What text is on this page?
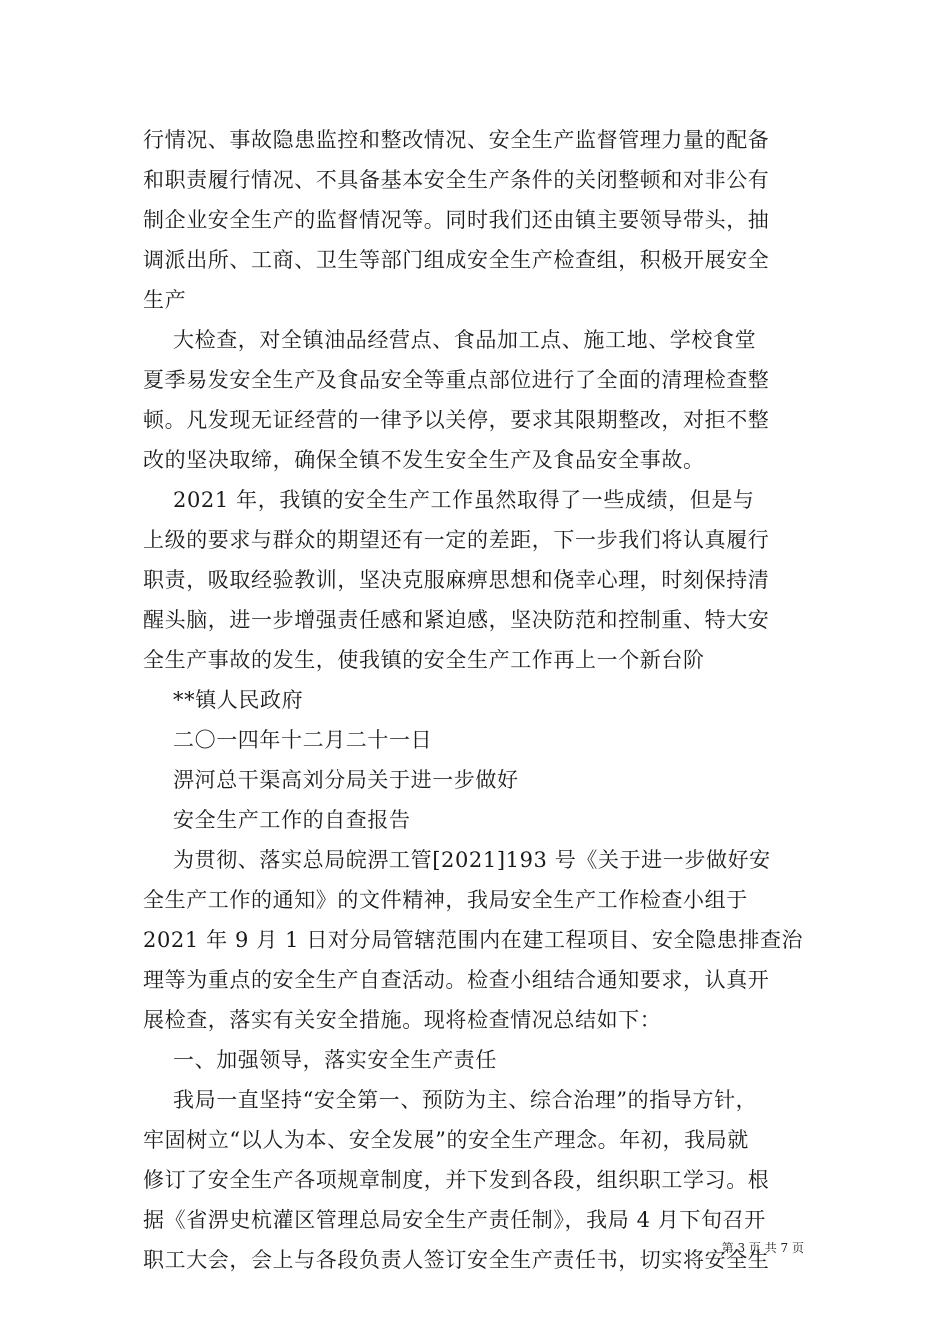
行情况、事故隐患监控和整改情况、安全生产监督管理力量的配备
和职责履行情况、不具备基本安全生产条件的关闭整顿和对非公有
制企业安全生产的监督情况等。同时我们还由镇主要领导带头，抽
调派出所、工商、卫生等部门组成安全生产检查组，积极开展安全
生产
大检查，对全镇油品经营点、食品加工点、施工地、学校食堂
夏季易发安全生产及食品安全等重点部位进行了全面的清理检查整
顿。凡发现无证经营的一律予以关停，要求其限期整改，对拒不整
改的坚决取缔，确保全镇不发生安全生产及食品安全事故。
2021 年，我镇的安全生产工作虽然取得了一些成绩，但是与
上级的要求与群众的期望还有一定的差距，下一步我们将认真履行
职责，吸取经验教训，坚决克服麻痹思想和侥幸心理，时刻保持清
醒头脑，进一步增强责任感和紧迫感，坚决防范和控制重、特大安
全生产事故的发生，使我镇的安全生产工作再上一个新台阶
**镇人民政府
二〇一四年十二月二十一日
淠河总干渠高刘分局关于进一步做好
安全生产工作的自查报告
为贯彻、落实总局皖淠工管[2021]193 号《关于进一步做好安
全生产工作的通知》的文件精神，我局安全生产工作检查小组于
2021 年 9 月 1 日对分局管辖范围内在建工程项目、安全隐患排查治
理等为重点的安全生产自查活动。检查小组结合通知要求，认真开
展检查，落实有关安全措施。现将检查情况总结如下：
一、加强领导，落实安全生产责任
我局一直坚持“安全第一、预防为主、综合治理”的指导方针，
牢固树立“以人为本、安全发展”的安全生产理念。年初，我局就
修订了安全生产各项规章制度，并下发到各段，组织职工学习。根
据《省淠史杭灌区管理总局安全生产责任制》，我局 4 月下旬召开
职工大会，会上与各段负责人签订安全生产责任书，切实将安全生
第 3 页 共 7 页
